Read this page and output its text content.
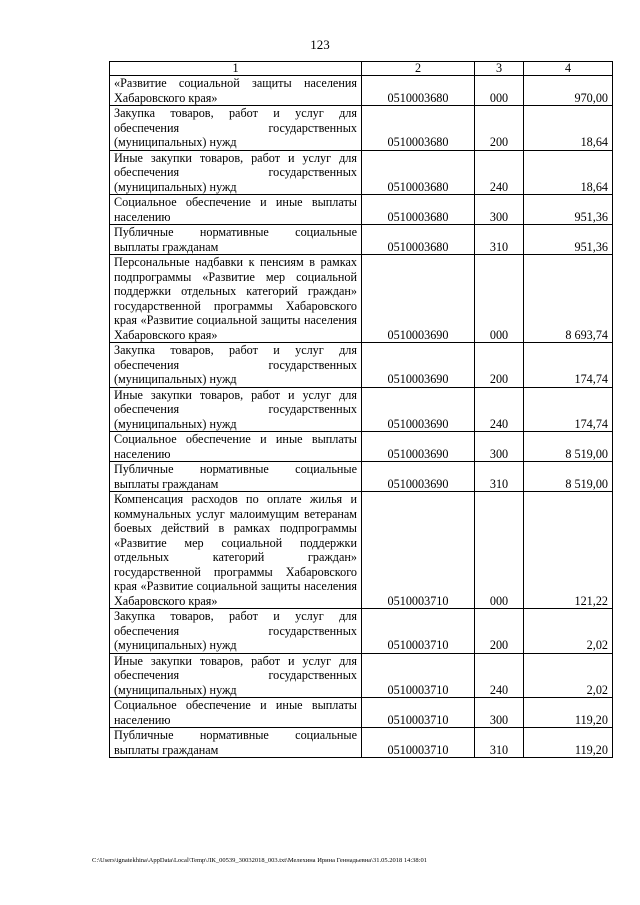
123
1	2	3	4
«Развитие социальной защиты населения Хабаровского края»	0510003680	000	970,00
Закупка товаров, работ и услуг для обеспечения государственных (муниципальных) нужд	0510003680	200	18,64
Иные закупки товаров, работ и услуг для обеспечения государственных (муниципальных) нужд	0510003680	240	18,64
Социальное обеспечение и иные выплаты населению	0510003680	300	951,36
Публичные нормативные социальные выплаты гражданам	0510003680	310	951,36
Персональные надбавки к пенсиям в рамках подпрограммы «Развитие мер социальной поддержки отдельных категорий граждан» государственной программы Хабаровского края «Развитие социальной защиты населения Хабаровского края»	0510003690	000	8 693,74
Закупка товаров, работ и услуг для обеспечения государственных (муниципальных) нужд	0510003690	200	174,74
Иные закупки товаров, работ и услуг для обеспечения государственных (муниципальных) нужд	0510003690	240	174,74
Социальное обеспечение и иные выплаты населению	0510003690	300	8 519,00
Публичные нормативные социальные выплаты гражданам	0510003690	310	8 519,00
Компенсация расходов по оплате жилья и коммунальных услуг малоимущим ветеранам боевых действий в рамках подпрограммы «Развитие мер социальной поддержки отдельных категорий граждан» государственной программы Хабаровского края «Развитие социальной защиты населения Хабаровского края»	0510003710	000	121,22
Закупка товаров, работ и услуг для обеспечения государственных (муниципальных) нужд	0510003710	200	2,02
Иные закупки товаров, работ и услуг для обеспечения государственных (муниципальных) нужд	0510003710	240	2,02
Социальное обеспечение и иные выплаты населению	0510003710	300	119,20
Публичные нормативные социальные выплаты гражданам	0510003710	310	119,20
C:\Users\ignatekhina\AppData\Local\Temp\ЛК_00539_30032018_003.txt\Мелехина Ирина Геннадьевна\31.05.2018 14:38:01
